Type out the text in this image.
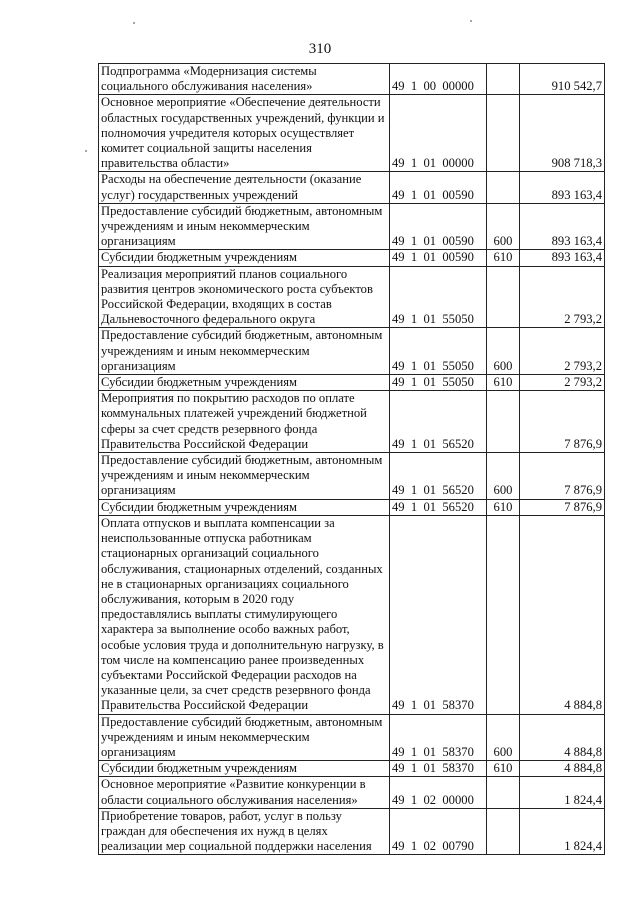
310
Подпрограмма «Модернизация системы социального обслуживания населения»	49  1  00  00000		910 542,7
Основное мероприятие «Обеспечение деятельности областных государственных учреждений, функции и полномочия учредителя которых осуществляет комитет социальной защиты населения правительства области»	49  1  01  00000		908 718,3
Расходы на обеспечение деятельности (оказание услуг) государственных учреждений	49  1  01  00590		893 163,4
Предоставление субсидий бюджетным, автономным учреждениям и иным некоммерческим организациям	49  1  01  00590	600	893 163,4
Субсидии бюджетным учреждениям	49  1  01  00590	610	893 163,4
Реализация мероприятий планов социального развития центров экономического роста субъектов Российской Федерации, входящих в состав Дальневосточного федерального округа	49  1  01  55050		2 793,2
Предоставление субсидий бюджетным, автономным учреждениям и иным некоммерческим организациям	49  1  01  55050	600	2 793,2
Субсидии бюджетным учреждениям	49  1  01  55050	610	2 793,2
Мероприятия по покрытию расходов по оплате коммунальных платежей учреждений бюджетной сферы за счет средств резервного фонда Правительства Российской Федерации	49  1  01  56520		7 876,9
Предоставление субсидий бюджетным, автономным учреждениям и иным некоммерческим организациям	49  1  01  56520	600	7 876,9
Субсидии бюджетным учреждениям	49  1  01  56520	610	7 876,9
Оплата отпусков и выплата компенсации за неиспользованные отпуска работникам стационарных организаций социального обслуживания, стационарных отделений, созданных не в стационарных организациях социального обслуживания, которым в 2020 году предоставлялись выплаты стимулирующего характера за выполнение особо важных работ, особые условия труда и дополнительную нагрузку, в том числе на компенсацию ранее произведенных субъектами Российской Федерации расходов на указанные цели, за счет средств резервного фонда Правительства Российской Федерации	49  1  01  58370		4 884,8
Предоставление субсидий бюджетным, автономным учреждениям и иным некоммерческим организациям	49  1  01  58370	600	4 884,8
Субсидии бюджетным учреждениям	49  1  01  58370	610	4 884,8
Основное мероприятие «Развитие конкуренции в области социального обслуживания населения»	49  1  02  00000		1 824,4
Приобретение товаров, работ, услуг в пользу граждан для обеспечения их нужд в целях реализации мер социальной поддержки населения	49  1  02  00790		1 824,4
